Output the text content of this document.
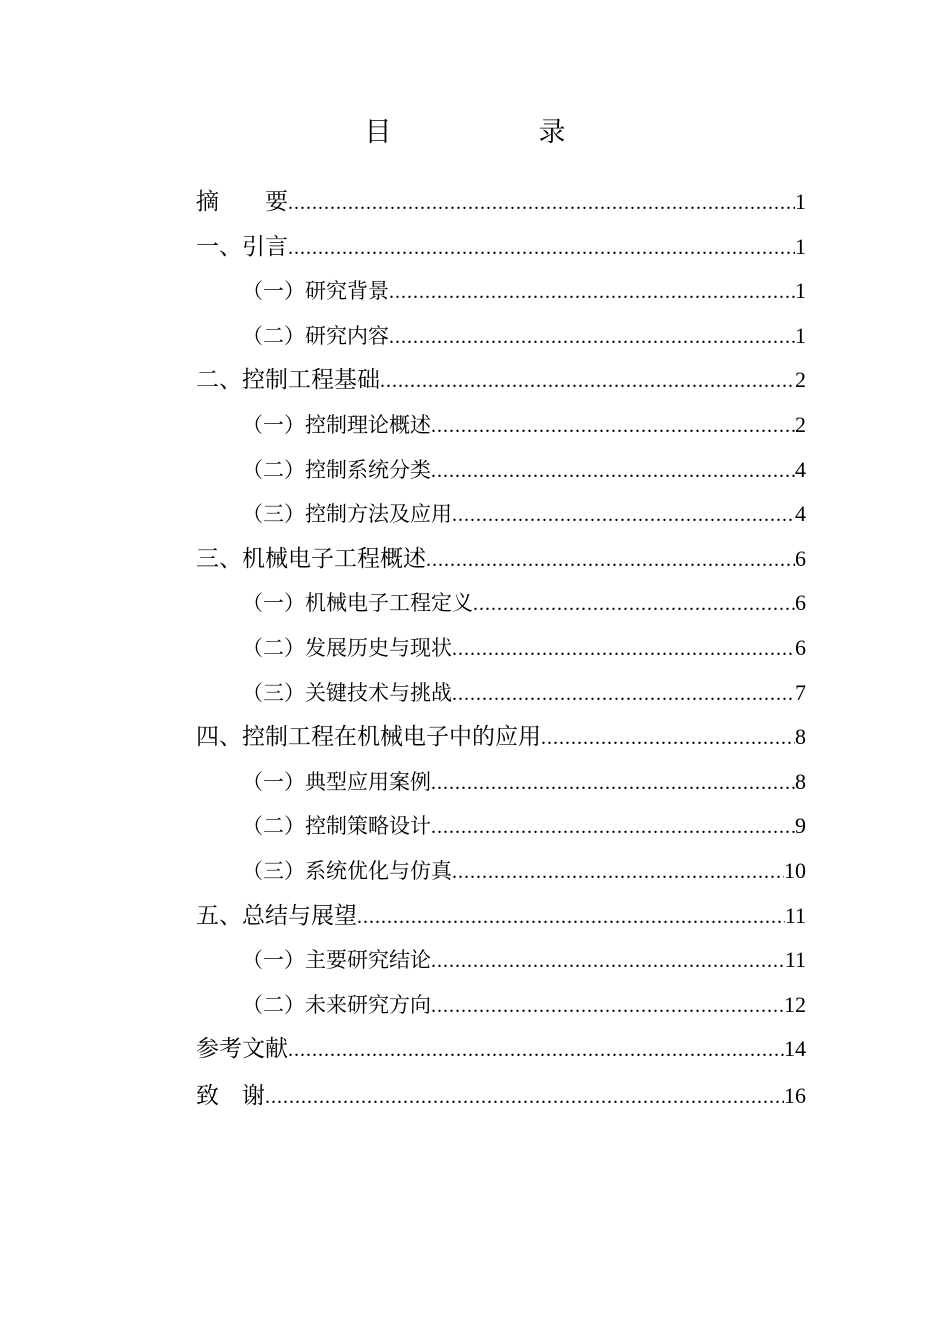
目　录
摘　　要 .....	1
一、引言 .....	1
（一）研究背景 .....	1
（二）研究内容 .....	1
二、控制工程基础 .....	2
（一）控制理论概述 .....	2
（二）控制系统分类 .....	4
（三）控制方法及应用 .....	4
三、机械电子工程概述 .....	6
（一）机械电子工程定义 .....	6
（二）发展历史与现状 .....	6
（三）关键技术与挑战 .....	7
四、控制工程在机械电子中的应用 .....	8
（一）典型应用案例 .....	8
（二）控制策略设计 .....	9
（三）系统优化与仿真 .....	10
五、总结与展望 .....	11
（一）主要研究结论 .....	11
（二）未来研究方向 .....	12
参考文献 .....	14
致　谢 .....	16
